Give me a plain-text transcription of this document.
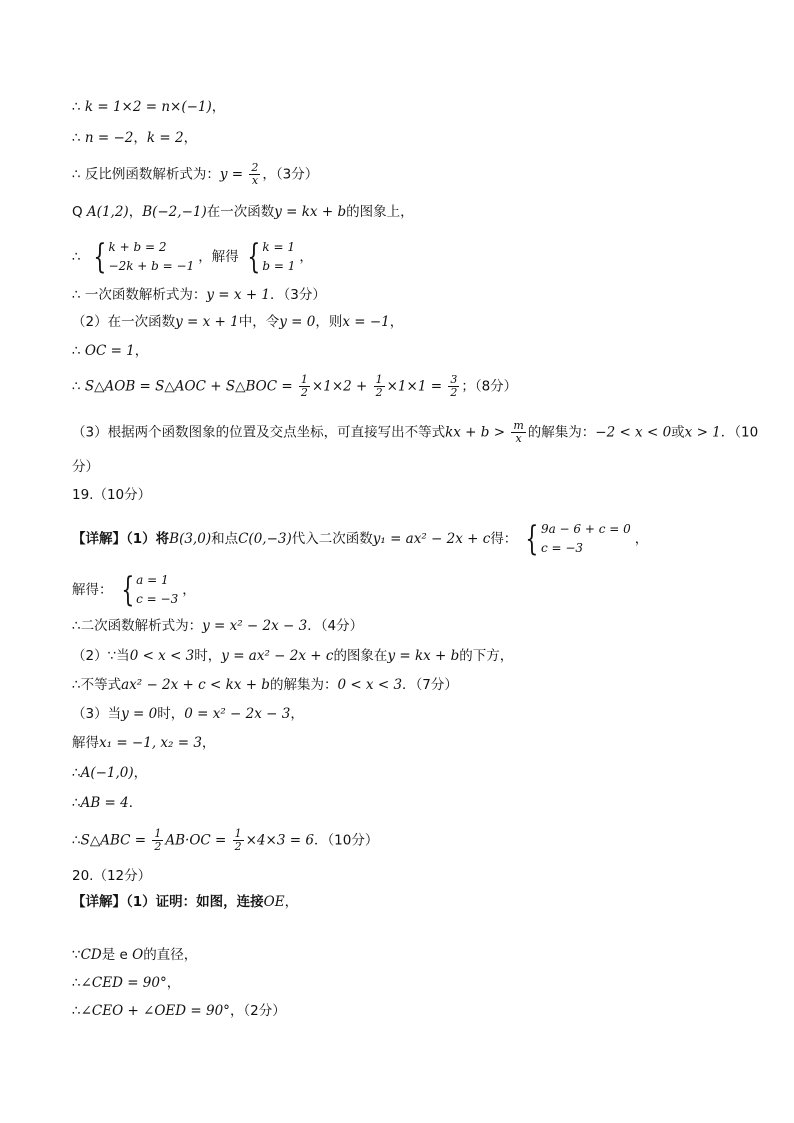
∴ k = 1×2 = n×(−1)，
∴ n = −2，k = 2，
∴ 反比例函数解析式为：$y = \frac{2}{x}$ ，（3分）
Q A(1,2)，B(−2,−1)在一次函数y = kx + b的图象上，
∴ { k + b = 2
−2k + b = −1
，解得 { k = 1
b = 1
，
∴ 一次函数解析式为：y = x + 1．（3分）
（2）在一次函数y = x + 1中，令y = 0，则x = −1，
∴ OC = 1，
∴ S△AOB = S△AOC + S△BOC = $\frac{1}{2} \times 1\times 2 + \frac{1}{2} \times 1\times 1 = \frac{3}{2}$ ；（8分）
（3）根据两个函数图象的位置及交点坐标，可直接写出不等式kx + $b > \frac{m}{x}$ 的解集为：−2 < x < 0或x > 1．（10
分）
19.（10分）
【详解】（1）将B(3,0)和点C(0,−3)代入二次函数y₁ = ax² − 2x + c得： { 9a − 6 + c = 0
c = −3
，
解得： { a = 1
c = −3
，
∴二次函数解析式为：y = x² − 2x − 3．（4分）
（2）∵当0 < x < 3时，y = ax² − 2x + c的图象在y = kx + b的下方，
∴不等式ax² − 2x + c < kx + b的解集为：0 < x < 3．（7分）
（3）当y = 0时，0 = x² − 2x − 3，
解得x₁ = −1, x₂ = 3，
∴A(−1,0)，
∴AB = 4．
∴S△ABC = $\frac{1}{2} AB\cdot OC = \frac{1}{2} \times 4\times 3 = 6$．（10分）
20.（12分）
【详解】（1）证明：如图，连接OE，
∵CD是 e O的直径，
∴∠CED = 90°，
∴∠CEO + ∠OED = 90°，（2分）
